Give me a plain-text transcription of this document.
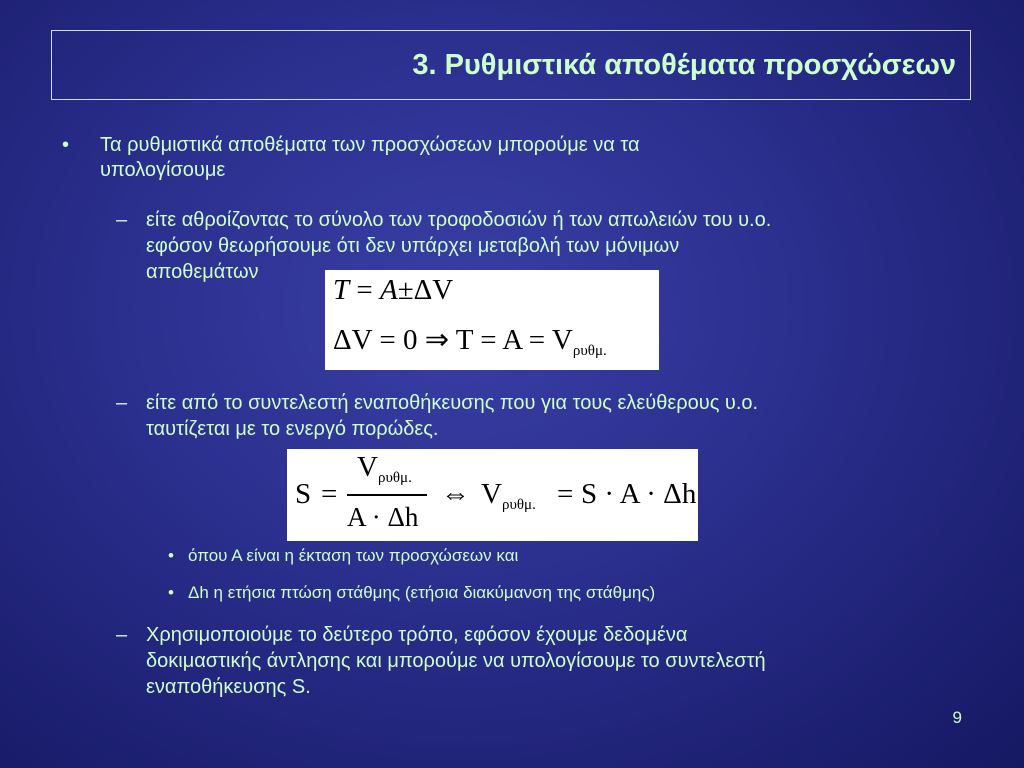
3. Ρυθμιστικά αποθέματα προσχώσεων
• Τα ρυθμιστικά αποθέματα των προσχώσεων μπορούμε να τα
υπολογίσουμε
– είτε αθροίζοντας το σύνολο των τροφοδοσιών ή των απωλειών του υ.ο.
εφόσον θεωρήσουμε ότι δεν υπάρχει μεταβολή των μόνιμων
αποθεμάτων
T = A±ΔV
ΔV = 0 ⇒ $T = A = V_{\rho\upsilon\theta\mu.}$
– είτε από το συντελεστή εναποθήκευσης που για τους ελεύθερους υ.ο.
ταυτίζεται με το ενεργό πορώδες.
S =
$V_{\rho\upsilon\theta\mu.}$
A · Δh
⇔ $V_{\rho\upsilon\theta\mu.} = S \cdot A \cdot \Delta h$
• όπου Α είναι η έκταση των προσχώσεων και
• Δh η ετήσια πτώση στάθμης (ετήσια διακύμανση της στάθμης)
– Χρησιμοποιούμε το δεύτερο τρόπο, εφόσον έχουμε δεδομένα
δοκιμαστικής άντλησης και μπορούμε να υπολογίσουμε το συντελεστή
εναποθήκευσης S.
9
